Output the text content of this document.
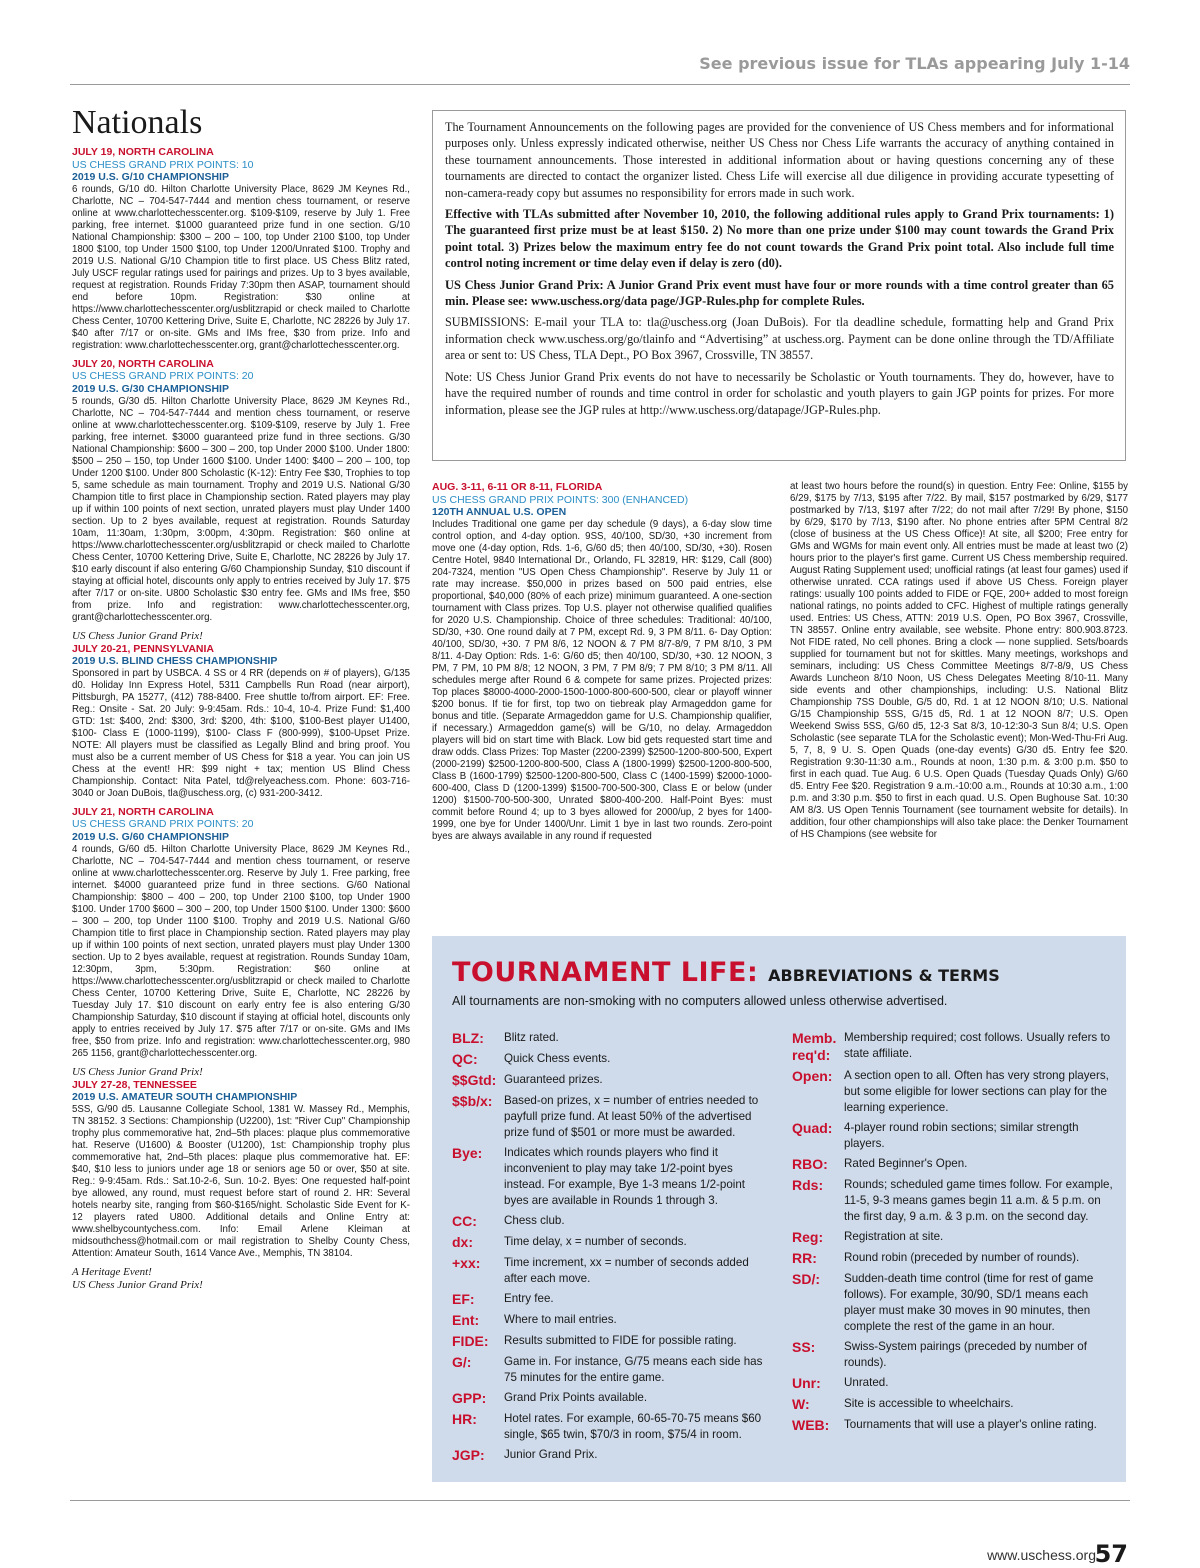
See previous issue for TLAs appearing July 1-14
Nationals
JULY 19, NORTH CAROLINA
US CHESS GRAND PRIX POINTS: 10
2019 U.S. G/10 CHAMPIONSHIP
6 rounds, G/10 d0. Hilton Charlotte University Place, 8629 JM Keynes Rd., Charlotte, NC – 704-547-7444 and mention chess tournament, or reserve online at www.charlottechesscenter.org. $109-$109, reserve by July 1. Free parking, free internet. $1000 guaranteed prize fund in one section. G/10 National Championship: $300 – 200 – 100, top Under 2100 $100, top Under 1800 $100, top Under 1500 $100, top Under 1200/Unrated $100. Trophy and 2019 U.S. National G/10 Champion title to first place. US Chess Blitz rated, July USCF regular ratings used for pairings and prizes. Up to 3 byes available, request at registration. Rounds Friday 7:30pm then ASAP, tournament should end before 10pm. Registration: $30 online at https://www.charlottechesscenter.org/usblitzrapid or check mailed to Charlotte Chess Center, 10700 Kettering Drive, Suite E, Charlotte, NC 28226 by July 17. $40 after 7/17 or on-site. GMs and IMs free, $30 from prize. Info and registration: www.charlottechesscenter.org, grant@charlottechesscenter.org.
JULY 20, NORTH CAROLINA
US CHESS GRAND PRIX POINTS: 20
2019 U.S. G/30 CHAMPIONSHIP
5 rounds, G/30 d5. Hilton Charlotte University Place, 8629 JM Keynes Rd., Charlotte, NC – 704-547-7444 and mention chess tournament, or reserve online at www.charlottechesscenter.org. $109-$109, reserve by July 1. Free parking, free internet. $3000 guaranteed prize fund in three sections. G/30 National Championship: $600 – 300 – 200, top Under 2000 $100. Under 1800: $500 – 250 – 150, top Under 1600 $100. Under 1400: $400 – 200 – 100, top Under 1200 $100. Under 800 Scholastic (K-12): Entry Fee $30, Trophies to top 5, same schedule as main tournament. Trophy and 2019 U.S. National G/30 Champion title to first place in Championship section. Rated players may play up if within 100 points of next section, unrated players must play Under 1400 section. Up to 2 byes available, request at registration. Rounds Saturday 10am, 11:30am, 1:30pm, 3:00pm, 4:30pm. Registration: $60 online at https://www.charlottechesscenter.org/usblitzrapid or check mailed to Charlotte Chess Center, 10700 Kettering Drive, Suite E, Charlotte, NC 28226 by July 17. $10 early discount if also entering G/60 Championship Sunday, $10 discount if staying at official hotel, discounts only apply to entries received by July 17. $75 after 7/17 or on-site. U800 Scholastic $30 entry fee. GMs and IMs free, $50 from prize. Info and registration: www.charlottechesscenter.org, grant@charlottechesscenter.org.
US Chess Junior Grand Prix!
JULY 20-21, PENNSYLVANIA
2019 U.S. BLIND CHESS CHAMPIONSHIP
Sponsored in part by USBCA. 4 SS or 4 RR (depends on # of players), G/135 d0. Holiday Inn Express Hotel, 5311 Campbells Run Road (near airport), Pittsburgh, PA 15277, (412) 788-8400. Free shuttle to/from airport. EF: Free. Reg.: Onsite - Sat. 20 July: 9-9:45am. Rds.: 10-4, 10-4. Prize Fund: $1,400 GTD: 1st: $400, 2nd: $300, 3rd: $200, 4th: $100, $100-Best player U1400, $100- Class E (1000-1199), $100- Class F (800-999), $100-Upset Prize. NOTE: All players must be classified as Legally Blind and bring proof. You must also be a current member of US Chess for $18 a year. You can join US Chess at the event! HR: $99 night + tax; mention US Blind Chess Championship. Contact: Nita Patel, td@relyeachess.com. Phone: 603-716-3040 or Joan DuBois, tla@uschess.org, (c) 931-200-3412.
JULY 21, NORTH CAROLINA
US CHESS GRAND PRIX POINTS: 20
2019 U.S. G/60 CHAMPIONSHIP
4 rounds, G/60 d5. Hilton Charlotte University Place, 8629 JM Keynes Rd., Charlotte, NC – 704-547-7444 and mention chess tournament, or reserve online at www.charlottechesscenter.org. Reserve by July 1. Free parking, free internet. $4000 guaranteed prize fund in three sections. G/60 National Championship: $800 – 400 – 200, top Under 2100 $100, top Under 1900 $100. Under 1700 $600 – 300 – 200, top Under 1500 $100. Under 1300: $600 – 300 – 200, top Under 1100 $100. Trophy and 2019 U.S. National G/60 Champion title to first place in Championship section. Rated players may play up if within 100 points of next section, unrated players must play Under 1300 section. Up to 2 byes available, request at registration. Rounds Sunday 10am, 12:30pm, 3pm, 5:30pm. Registration: $60 online at https://www.charlottechesscenter.org/usblitzrapid or check mailed to Charlotte Chess Center, 10700 Kettering Drive, Suite E, Charlotte, NC 28226 by Tuesday July 17. $10 discount on early entry fee is also entering G/30 Championship Saturday, $10 discount if staying at official hotel, discounts only apply to entries received by July 17. $75 after 7/17 or on-site. GMs and IMs free, $50 from prize. Info and registration: www.charlottechesscenter.org, 980 265 1156, grant@charlottechesscenter.org.
US Chess Junior Grand Prix!
JULY 27-28, TENNESSEE
2019 U.S. AMATEUR SOUTH CHAMPIONSHIP
5SS, G/90 d5. Lausanne Collegiate School, 1381 W. Massey Rd., Memphis, TN 38152. 3 Sections: Championship (U2200), 1st: "River Cup" Championship trophy plus commemorative hat, 2nd–5th places: plaque plus commemorative hat. Reserve (U1600) & Booster (U1200), 1st: Championship trophy plus commemorative hat, 2nd–5th places: plaque plus commemorative hat. EF: $40, $10 less to juniors under age 18 or seniors age 50 or over, $50 at site. Reg.: 9-9:45am. Rds.: Sat.10-2-6, Sun. 10-2. Byes: One requested half-point bye allowed, any round, must request before start of round 2. HR: Several hotels nearby site, ranging from $60-$165/night. Scholastic Side Event for K-12 players rated U800. Additional details and Online Entry at: www.shelbycountychess.com. Info: Email Arlene Kleiman at midsouthchess@hotmail.com or mail registration to Shelby County Chess, Attention: Amateur South, 1614 Vance Ave., Memphis, TN 38104.
A Heritage Event!
US Chess Junior Grand Prix!

The Tournament Announcements on the following pages are provided for the convenience of US Chess members and for informational purposes only. Unless expressly indicated otherwise, neither US Chess nor Chess Life warrants the accuracy of anything contained in these tournament announcements. Those interested in additional information about or having questions concerning any of these tournaments are directed to contact the organizer listed. Chess Life will exercise all due diligence in providing accurate typesetting of non-camera-ready copy but assumes no responsibility for errors made in such work.

Effective with TLAs submitted after November 10, 2010, the following additional rules apply to Grand Prix tournaments: 1) The guaranteed first prize must be at least $150. 2) No more than one prize under $100 may count towards the Grand Prix point total. 3) Prizes below the maximum entry fee do not count towards the Grand Prix point total. Also include full time control noting increment or time delay even if delay is zero (d0).

US Chess Junior Grand Prix: A Junior Grand Prix event must have four or more rounds with a time control greater than 65 min. Please see: www.uschess.org/data page/JGP-Rules.php for complete Rules.

SUBMISSIONS: E-mail your TLA to: tla@uschess.org (Joan DuBois). For tla deadline schedule, formatting help and Grand Prix information check www.uschess.org/go/tlainfo and “Advertising” at uschess.org. Payment can be done online through the TD/Affiliate area or sent to: US Chess, TLA Dept., PO Box 3967, Crossville, TN 38557.

Note: US Chess Junior Grand Prix events do not have to necessarily be Scholastic or Youth tournaments. They do, however, have to have the required number of rounds and time control in order for scholastic and youth players to gain JGP points for prizes. For more information, please see the JGP rules at http://www.uschess.org/datapage/JGP-Rules.php.

AUG. 3-11, 6-11 OR 8-11, FLORIDA
US CHESS GRAND PRIX POINTS: 300 (ENHANCED)
120TH ANNUAL U.S. OPEN
Includes Traditional one game per day schedule (9 days), a 6-day slow time control option, and 4-day option. 9SS, 40/100, SD/30, +30 increment from move one (4-day option, Rds. 1-6, G/60 d5; then 40/100, SD/30, +30). Rosen Centre Hotel, 9840 International Dr., Orlando, FL 32819, HR: $129, Call (800) 204-7324, mention "US Open Chess Championship". Reserve by July 11 or rate may increase. $50,000 in prizes based on 500 paid entries, else proportional, $40,000 (80% of each prize) minimum guaranteed. A one-section tournament with Class prizes. Top U.S. player not otherwise qualified qualifies for 2020 U.S. Championship. Choice of three schedules: Traditional: 40/100, SD/30, +30. One round daily at 7 PM, except Rd. 9, 3 PM 8/11. 6- Day Option: 40/100, SD/30, +30. 7 PM 8/6, 12 NOON & 7 PM 8/7-8/9, 7 PM 8/10, 3 PM 8/11. 4-Day Option: Rds. 1-6: G/60 d5; then 40/100, SD/30, +30. 12 NOON, 3 PM, 7 PM, 10 PM 8/8; 12 NOON, 3 PM, 7 PM 8/9; 7 PM 8/10; 3 PM 8/11. All schedules merge after Round 6 & compete for same prizes. Projected prizes: Top places $8000-4000-2000-1500-1000-800-600-500, clear or playoff winner $200 bonus. If tie for first, top two on tiebreak play Armageddon game for bonus and title. (Separate Armageddon game for U.S. Championship qualifier, if necessary.) Armageddon game(s) will be G/10, no delay. Armageddon players will bid on start time with Black. Low bid gets requested start time and draw odds. Class Prizes: Top Master (2200-2399) $2500-1200-800-500, Expert (2000-2199) $2500-1200-800-500, Class A (1800-1999) $2500-1200-800-500, Class B (1600-1799) $2500-1200-800-500, Class C (1400-1599) $2000-1000-600-400, Class D (1200-1399) $1500-700-500-300, Class E or below (under 1200) $1500-700-500-300, Unrated $800-400-200. Half-Point Byes: must commit before Round 4; up to 3 byes allowed for 2000/up, 2 byes for 1400-1999, one bye for Under 1400/Unr. Limit 1 bye in last two rounds. Zero-point byes are always available in any round if requested
at least two hours before the round(s) in question. Entry Fee: Online, $155 by 6/29, $175 by 7/13, $195 after 7/22. By mail, $157 postmarked by 6/29, $177 postmarked by 7/13, $197 after 7/22; do not mail after 7/29! By phone, $150 by 6/29, $170 by 7/13, $190 after. No phone entries after 5PM Central 8/2 (close of business at the US Chess Office)! At site, all $200; Free entry for GMs and WGMs for main event only. All entries must be made at least two (2) hours prior to the player's first game. Current US Chess membership required. August Rating Supplement used; unofficial ratings (at least four games) used if otherwise unrated. CCA ratings used if above US Chess. Foreign player ratings: usually 100 points added to FIDE or FQE, 200+ added to most foreign national ratings, no points added to CFC. Highest of multiple ratings generally used. Entries: US Chess, ATTN: 2019 U.S. Open, PO Box 3967, Crossville, TN 38557. Online entry available, see website. Phone entry: 800.903.8723. Not FIDE rated, No cell phones. Bring a clock — none supplied. Sets/boards supplied for tournament but not for skittles. Many meetings, workshops and seminars, including: US Chess Committee Meetings 8/7-8/9, US Chess Awards Luncheon 8/10 Noon, US Chess Delegates Meeting 8/10-11. Many side events and other championships, including: U.S. National Blitz Championship 7SS Double, G/5 d0, Rd. 1 at 12 NOON 8/10; U.S. National G/15 Championship 5SS, G/15 d5, Rd. 1 at 12 NOON 8/7; U.S. Open Weekend Swiss 5SS, G/60 d5, 12-3 Sat 8/3, 10-12:30-3 Sun 8/4; U.S. Open Scholastic (see separate TLA for the Scholastic event); Mon-Wed-Thu-Fri Aug. 5, 7, 8, 9 U. S. Open Quads (one-day events) G/30 d5. Entry fee $20. Registration 9:30-11:30 a.m., Rounds at noon, 1:30 p.m. & 3:00 p.m. $50 to first in each quad. Tue Aug. 6 U.S. Open Quads (Tuesday Quads Only) G/60 d5. Entry Fee $20. Registration 9 a.m.-10:00 a.m., Rounds at 10:30 a.m., 1:00 p.m. and 3:30 p.m. $50 to first in each quad. U.S. Open Bughouse Sat. 10:30 AM 8/3. US Open Tennis Tournament (see tournament website for details). In addition, four other championships will also take place: the Denker Tournament of HS Champions (see website for
TOURNAMENT LIFE: ABBREVIATIONS & TERMS
All tournaments are non-smoking with no computers allowed unless otherwise advertised.
BLZ:	Blitz rated.
QC:	Quick Chess events.
$$Gtd: Guaranteed prizes.
$$b/x: Based-on prizes, x = number of entries needed to payfull prize fund. At least 50% of the advertised prize fund of $501 or more must be awarded.
Bye:	Indicates which rounds players who find it inconvenient to play may take 1/2-point byes instead. For example, Bye 1-3 means 1/2-point byes are available in Rounds 1 through 3.
CC:	Chess club.
dx:	Time delay, x = number of seconds.
+xx:	Time increment, xx = number of seconds added after each move.
EF:	Entry fee.
Ent:	Where to mail entries.
FIDE:	Results submitted to FIDE for possible rating.
G/:	Game in. For instance, G/75 means each side has 75 minutes for the entire game.
GPP:	Grand Prix Points available.
HR:	Hotel rates. For example, 60-65-70-75 means $60 single, $65 twin, $70/3 in room, $75/4 in room.
JGP:	Junior Grand Prix.
Memb. req'd:
Membership required; cost follows. Usually refers to state affiliate.
Open: A section open to all. Often has very strong players, but some eligible for lower sections can play for the learning experience.
Quad: 4-player round robin sections; similar strength players.
RBO:	Rated Beginner's Open.
Rds:	Rounds; scheduled game times follow. For example, 11-5, 9-3 means games begin 11 a.m. & 5 p.m. on the first day, 9 a.m. & 3 p.m. on the second day.
Reg:	Registration at site.
RR:	Round robin (preceded by number of rounds).
SD/:	Sudden-death time control (time for rest of game follows). For example, 30/90, SD/1 means each player must make 30 moves in 90 minutes, then complete the rest of the game in an hour.
SS:	Swiss-System pairings (preceded by number of rounds).
Unr:	Unrated.
W:	Site is accessible to wheelchairs.
WEB:	Tournaments that will use a player's online rating.
www.uschess.org
57
